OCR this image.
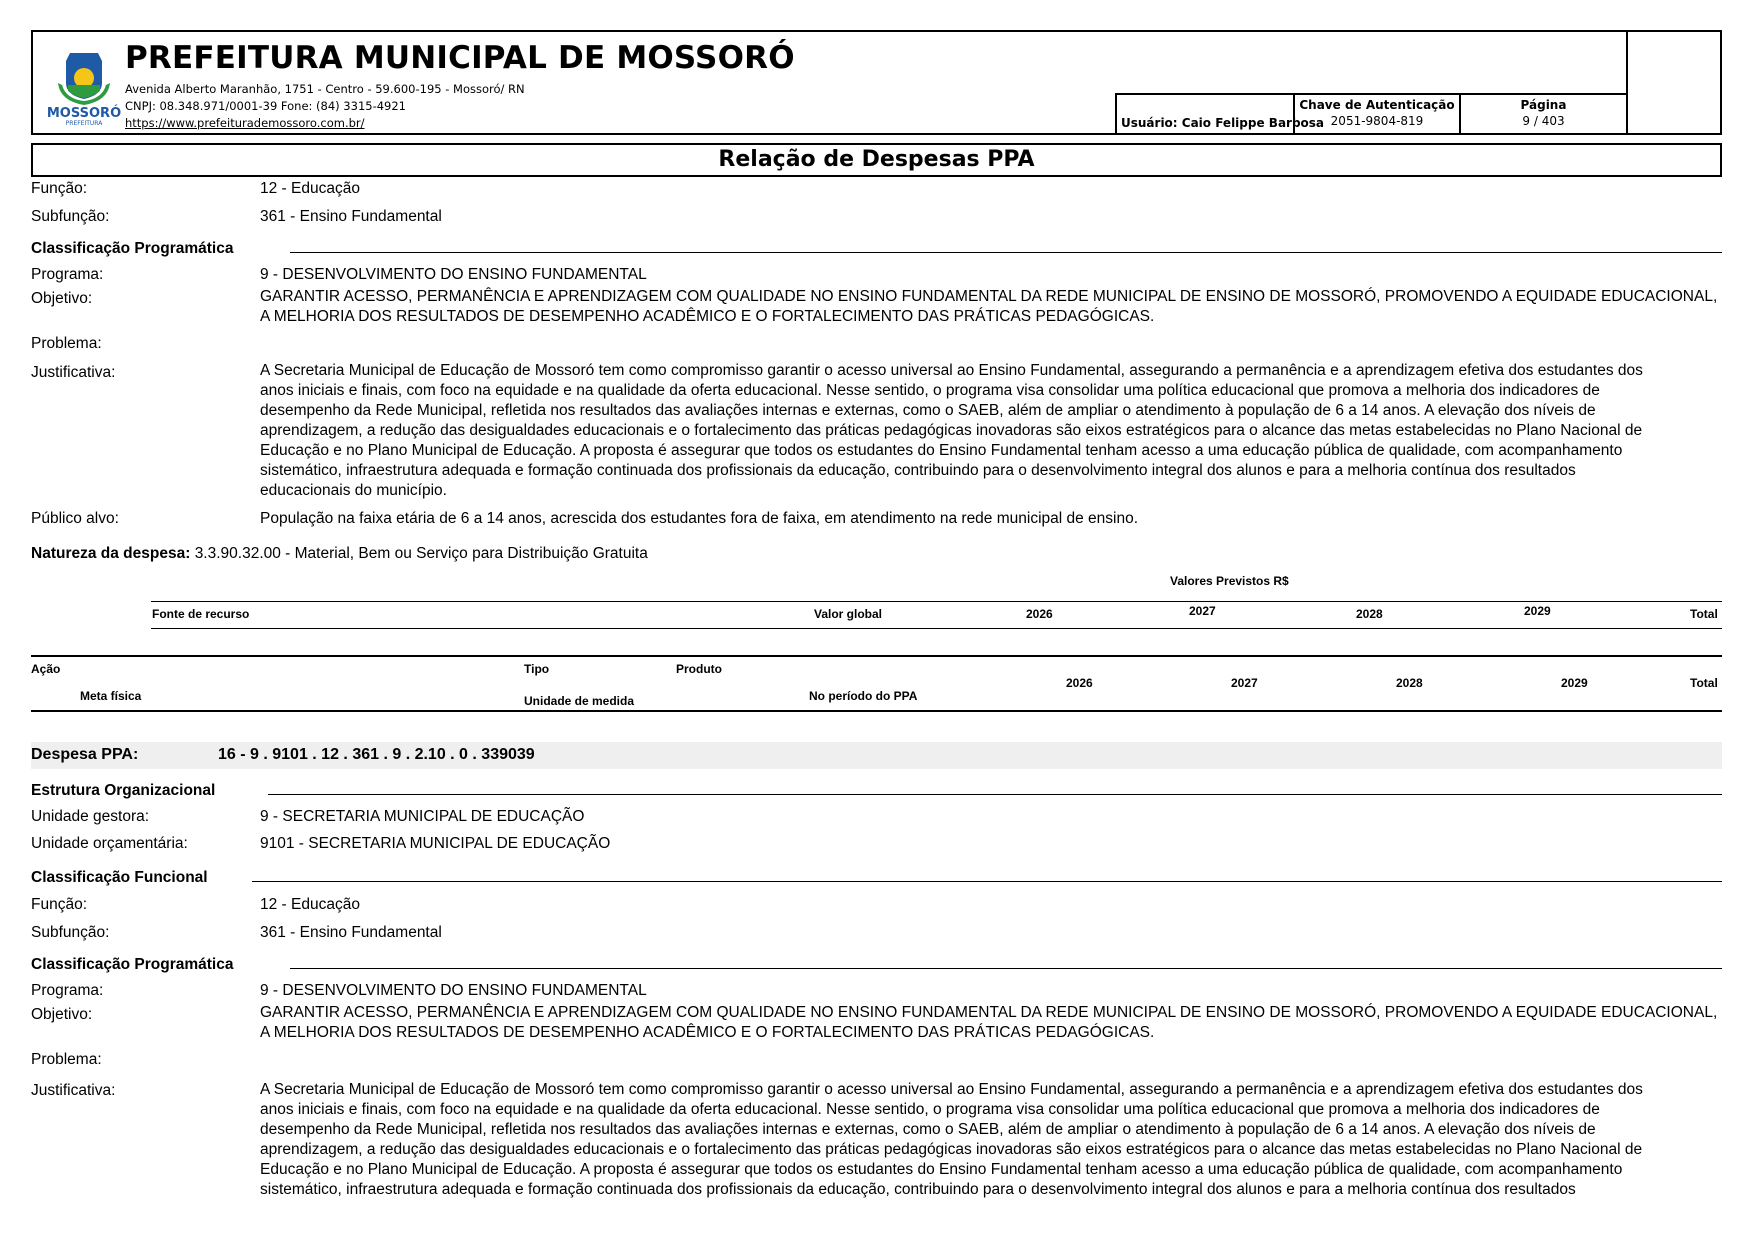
MOSSORÓ
PREFEITURA
PREFEITURA MUNICIPAL DE MOSSORÓ
Avenida Alberto Maranhão, 1751 - Centro - 59.600-195 - Mossoró/ RN
CNPJ: 08.348.971/0001-39 Fone: (84) 3315-4921
https://www.prefeiturademossoro.com.br/	Usuário: Caio Felippe Barbosa
Chave de Autenticação
2051-9804-819
Página
9 / 403
Relação de Despesas PPA
Função:	12 - Educação
Subfunção:	361 - Ensino Fundamental
Classificação Programática
Programa:	9 - DESENVOLVIMENTO DO ENSINO FUNDAMENTAL
Objetivo:	GARANTIR ACESSO, PERMANÊNCIA E APRENDIZAGEM COM QUALIDADE NO ENSINO FUNDAMENTAL DA REDE MUNICIPAL DE ENSINO DE MOSSORÓ, PROMOVENDO A EQUIDADE EDUCACIONAL,
A MELHORIA DOS RESULTADOS DE DESEMPENHO ACADÊMICO E O FORTALECIMENTO DAS PRÁTICAS PEDAGÓGICAS.
Problema:
Justificativa:	A Secretaria Municipal de Educação de Mossoró tem como compromisso garantir o acesso universal ao Ensino Fundamental, assegurando a permanência e a aprendizagem efetiva dos estudantes dos
anos iniciais e finais, com foco na equidade e na qualidade da oferta educacional. Nesse sentido, o programa visa consolidar uma política educacional que promova a melhoria dos indicadores de
desempenho da Rede Municipal, refletida nos resultados das avaliações internas e externas, como o SAEB, além de ampliar o atendimento à população de 6 a 14 anos. A elevação dos níveis de
aprendizagem, a redução das desigualdades educacionais e o fortalecimento das práticas pedagógicas inovadoras são eixos estratégicos para o alcance das metas estabelecidas no Plano Nacional de
Educação e no Plano Municipal de Educação. A proposta é assegurar que todos os estudantes do Ensino Fundamental tenham acesso a uma educação pública de qualidade, com acompanhamento
sistemático, infraestrutura adequada e formação continuada dos profissionais da educação, contribuindo para o desenvolvimento integral dos alunos e para a melhoria contínua dos resultados
educacionais do município.
Público alvo:	População na faixa etária de 6 a 14 anos, acrescida dos estudantes fora de faixa, em atendimento na rede municipal de ensino.
Natureza da despesa: 3.3.90.32.00 - Material, Bem ou Serviço para Distribuição Gratuita
Valores Previstos R$
Fonte de recurso	Valor global	2026	2027	2028	2029	Total
Ação	Tipo	Produto
Meta física	Unidade de medida	No período do PPA
2026	2027	2028	2029	Total
Despesa PPA:	16 - 9 . 9101 . 12 . 361 . 9 . 2.10 . 0 . 339039
Estrutura Organizacional
Unidade gestora:	9 - SECRETARIA MUNICIPAL DE EDUCAÇÃO
Unidade orçamentária:	9101 - SECRETARIA MUNICIPAL DE EDUCAÇÃO
Classificação Funcional
Função:	12 - Educação
Subfunção:	361 - Ensino Fundamental
Classificação Programática
Programa:	9 - DESENVOLVIMENTO DO ENSINO FUNDAMENTAL
Objetivo:	GARANTIR ACESSO, PERMANÊNCIA E APRENDIZAGEM COM QUALIDADE NO ENSINO FUNDAMENTAL DA REDE MUNICIPAL DE ENSINO DE MOSSORÓ, PROMOVENDO A EQUIDADE EDUCACIONAL,
A MELHORIA DOS RESULTADOS DE DESEMPENHO ACADÊMICO E O FORTALECIMENTO DAS PRÁTICAS PEDAGÓGICAS.
Problema:
Justificativa:	A Secretaria Municipal de Educação de Mossoró tem como compromisso garantir o acesso universal ao Ensino Fundamental, assegurando a permanência e a aprendizagem efetiva dos estudantes dos
anos iniciais e finais, com foco na equidade e na qualidade da oferta educacional. Nesse sentido, o programa visa consolidar uma política educacional que promova a melhoria dos indicadores de
desempenho da Rede Municipal, refletida nos resultados das avaliações internas e externas, como o SAEB, além de ampliar o atendimento à população de 6 a 14 anos. A elevação dos níveis de
aprendizagem, a redução das desigualdades educacionais e o fortalecimento das práticas pedagógicas inovadoras são eixos estratégicos para o alcance das metas estabelecidas no Plano Nacional de
Educação e no Plano Municipal de Educação. A proposta é assegurar que todos os estudantes do Ensino Fundamental tenham acesso a uma educação pública de qualidade, com acompanhamento
sistemático, infraestrutura adequada e formação continuada dos profissionais da educação, contribuindo para o desenvolvimento integral dos alunos e para a melhoria contínua dos resultados
